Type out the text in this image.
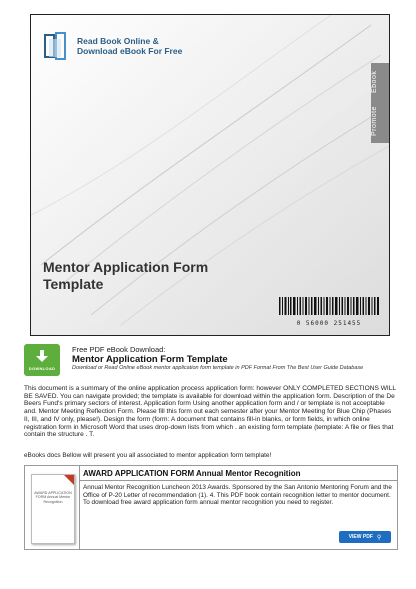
Read Book Online &
Download eBook For Free
Ebook
Promote
Mentor Application Form Template
0 56000 251455
DOWNLOAD
Free PDF eBook Download:
Mentor Application Form Template
Download or Read Online eBook mentor application form template in PDF Format From The Best User Guide Database
This document is a summary of the online application process application form: however ONLY COMPLETED SECTIONS WILL BE SAVED. You can navigate provided; the template is available for download within the application form. Description of the De Beers Fund's primary sectors of interest. Application form Using another application form and / or template is not acceptable and. Mentor Meeting Reflection Form. Please fill this form out each semester after your Mentor Meeting for Blue Chip (Phases II, III, and IV only, please!). Design the form (form: A document that contains fill-in blanks, or form fields, in which online registration form in Microsoft Word that uses drop-down lists from which . an existing form template (template: A file or files that contain the structure . T.
eBooks docs Bellow will present you all associated to mentor application form template!
AWARD APPLICATION FORM Annual Mentor Recognition
AWARD APPLICATION FORM Annual Mentor Recognition
Annual Mentor Recognition Luncheon 2013 Awards. Sponsored by the San Antonio Mentoring Forum and the Office of P-20 Letter of recommendation (1). 4. This PDF book contain recognition letter to mentor document. To download free award application form annual mentor recognition you need to register.
VIEW PDF ⚲
